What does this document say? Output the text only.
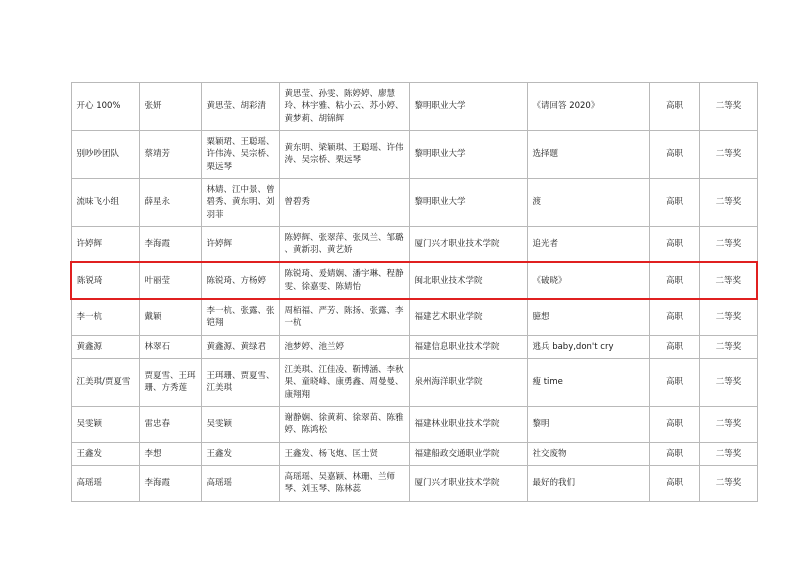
开心 100%	张妍	黄思莹、胡彩清	黄思莹、孙雯、陈婷婷、廖慧玲、林宇雅、粘小云、苏小婷、黄梦莉、胡锦辉	黎明职业大学	《请回答 2020》	高职	二等奖
别吵吵团队	蔡靖芳	粟颖珺、王聪瑶、许伟涛、吴宗桥、栗远琴	黄东明、梁颖琪、王聪瑶、许伟涛、吴宗桥、栗远琴	黎明职业大学	选择题	高职	二等奖
流味飞小组	薛星永	林婧、江中景、曾碧秀、黄东明、刘羽菲	曾碧秀	黎明职业大学	渡	高职	二等奖
许婷辉	李海霞	许婷辉	陈婷辉、张翠萍、张凤兰、邹璐 、黄新羽、黄艺娇	厦门兴才职业技术学院	追光者	高职	二等奖
陈锐琦	叶丽莹	陈锐琦、方杨婷	陈锐琦、爰婧娴、潘宇琳、程静雯、徐嘉雯、陈婧怡	闽北职业技术学院	《破晓》	高职	二等奖
李一杭	戴颖	李一杭、张露、张铠翔	周栢福、严芳、陈扬、张露、李一杭	福建艺术职业学院	臆想	高职	二等奖
黄鑫源	林翠石	黄鑫源、黄绿君	池梦婷、池兰婷	福建信息职业技术学院	逃兵 baby,don't cry	高职	二等奖
江美琪/贾夏雪	贾夏雪、王珥珊、方秀莲	王珥珊、贾夏雪、江美琪	江美琪、江佳凌、靳博涵、李秋果、童晓峰、康勇鑫、周曼曼、康翔翔	泉州海洋职业学院	瘦 time	高职	二等奖
吴雯颖	雷忠春	吴雯颖	谢静娴、徐黄莉、徐翠苗、陈雅婷、陈鸿松	福建林业职业技术学院	黎明	高职	二等奖
王鑫发	李想	王鑫发	王鑫发、杨飞炮、匡士贤	福建船政交通职业学院	社交废物	高职	二等奖
高瑶瑶	李海霞	高瑶瑶	高瑶瑶、吴嘉颖、林珊、兰师琴、刘玉琴、陈林蕊	厦门兴才职业技术学院	最好的我们	高职	二等奖
